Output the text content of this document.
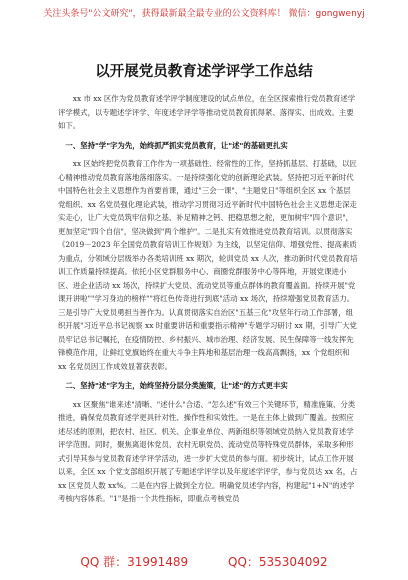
关注头条号"公文研究"，获得最新最全最专业的公文资料库！ 微信：gongwenyj
以开展党员教育述学评学工作总结

xx 市 xx 区作为党员教育述学评学制度建设的试点单位，在全区探索推行党员教育述学评学模式，以专题述学评学、年度述学评学等推动党员教育抓得紧、落得实、出成效。主要如下。

一、坚持"学"字为先，始终抓严抓实党员教育，让"述"的基础更扎实

xx 区始终把党员教育工作作为一项基础性、经常性的工作，坚持抓基层、打基础，以匠心精神推动党员教育落地落细落实。一是持续强化党的创新理论武装。坚持把习近平新时代中国特色社会主义思想作为首要首课，通过"三会一课"、"主题党日"等组织全区 xx 个基层党组织、xx 名党员强化理论武装，推动学习贯彻习近平新时代中国特色社会主义思想走深走实走心，让广大党员筑牢信仰之基、补足精神之钙、把稳思想之舵，更加树牢"四个意识"，更加坚定"四个自信"，坚决做到"两个维护"。二是扎实有效推进党员教育培训。以贯彻落实《2019－2023 年全国党员教育培训工作规划》为主线，以坚定信仰、增强党性、提高素质为重点，分领域分层级举办各类培训班 xx 期次，轮训党员 xx 人次，推动新时代党员教育培训工作质量持续提高。依托小区党群服务中心、商圈党群服务中心等阵地，开展党课进小区、进企业活动 xx 场次，持续扩大党员、流动党员等重点群体的教育覆盖面。持续开展"党课开讲啦""学习身边的榜样""将红色传奇进行到底"活动 xx 场次，持续增强党员教育活力。三是引导广大党员勇担当善作为。认真贯彻落实自治区"五基三化"攻坚年行动工作部署，组织开展"习近平总书记视察 xx 时重要讲话和重要指示精神"专题学习研讨 xx 期，引导广大党员牢记总书记嘱托，在疫情防控、乡村振兴、城市治理、经济发展、民生保障等一线发挥先锋模范作用，让鲜红党旗始终在重大斗争主阵地和基层治理一线高高飘扬，xx 个党组织和 xx 名党员因工作成效显著获表彰。

二、坚持"述"字为主，始终坚持分层分类施策，让"述"的方式更丰实

xx 区聚焦"谁来述"清晰、"述什么"合适、"怎么述"有效三个关键环节，精准施策、分类推进，确保党员教育述学更具针对性、操作性和实效性。一是在主体上做到广覆盖。按照应述尽述的原则，把农村、社区、机关、企事业单位、两新组织等领域党员纳入党员教育述学评学范围。同时，聚焦离退休党员、农村无职党员、流动党员等特殊党员群体，采取多种形式引导其参与党员教育述学评学活动，进一步扩大党员的参与面。初步统计，试点工作开展以来，全区 xx 个党支部组织开展了专题述学评学以及年度述学评学，参与党员达 xx 名，占 xx 区党员人数 xx%。二是在内容上做到全方位。明确党员述学内容，构建起"1+N"的述学考核内容体系。"1"是指一个共性指标，即重点考核党员

QQ 群：31991489	QQ：535304092
